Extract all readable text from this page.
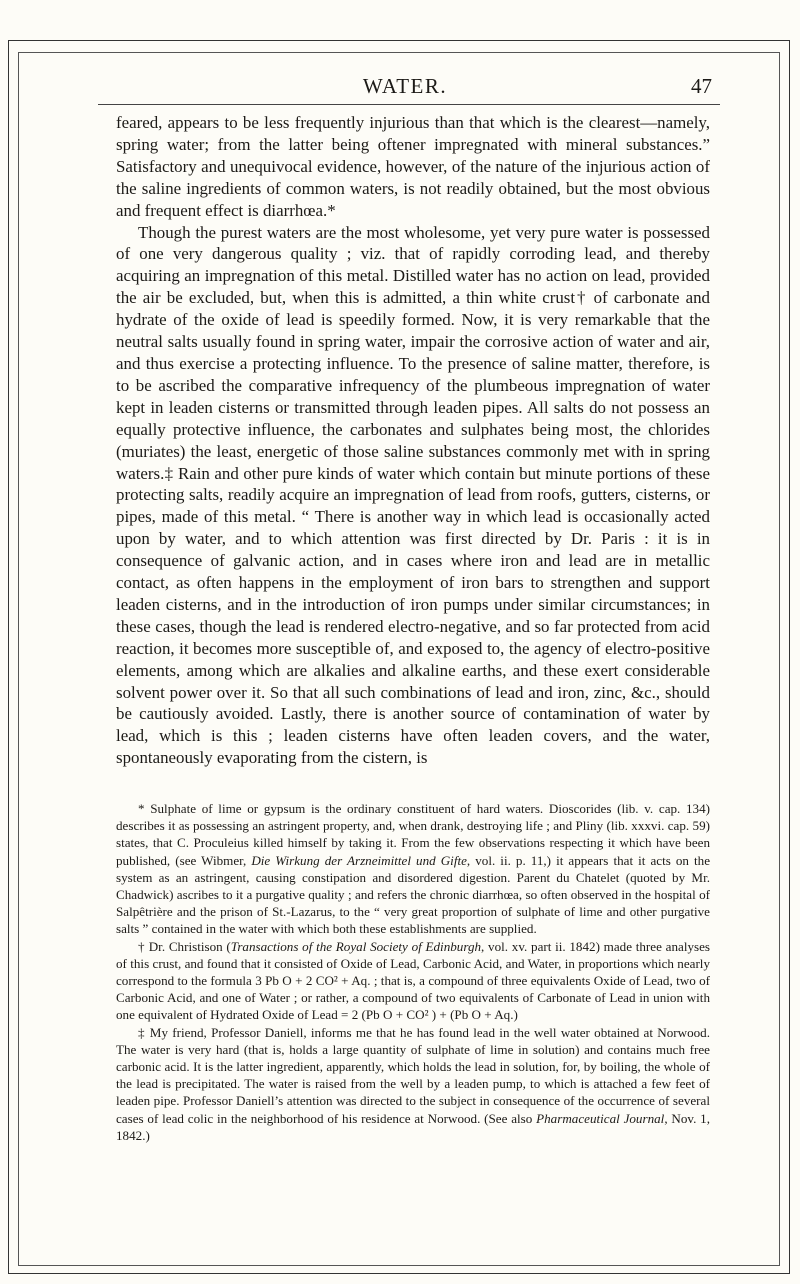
WATER.	47

feared, appears to be less frequently injurious than that which is the clearest—namely, spring water; from the latter being oftener impregnated with mineral substances.” Satisfactory and unequivocal evidence, however, of the nature of the injurious action of the saline ingredients of common waters, is not readily obtained, but the most obvious and frequent effect is diarrhœa.*

Though the purest waters are the most wholesome, yet very pure water is possessed of one very dangerous quality ; viz. that of rapidly corroding lead, and thereby acquiring an impregnation of this metal. Distilled water has no action on lead, provided the air be excluded, but, when this is admitted, a thin white crust† of carbonate and hydrate of the oxide of lead is speedily formed. Now, it is very remarkable that the neutral salts usually found in spring water, impair the corrosive action of water and air, and thus exercise a protecting influence. To the presence of saline matter, therefore, is to be ascribed the comparative infrequency of the plumbeous impregnation of water kept in leaden cisterns or transmitted through leaden pipes. All salts do not possess an equally protective influence, the carbonates and sulphates being most, the chlorides (muriates) the least, energetic of those saline substances commonly met with in spring waters.‡ Rain and other pure kinds of water which contain but minute portions of these protecting salts, readily acquire an impregnation of lead from roofs, gutters, cisterns, or pipes, made of this metal. “ There is another way in which lead is occasionally acted upon by water, and to which attention was first directed by Dr. Paris : it is in consequence of galvanic action, and in cases where iron and lead are in metallic contact, as often happens in the employment of iron bars to strengthen and support leaden cisterns, and in the introduction of iron pumps under similar circumstances; in these cases, though the lead is rendered electro-negative, and so far protected from acid reaction, it becomes more susceptible of, and exposed to, the agency of electro-positive elements, among which are alkalies and alkaline earths, and these exert considerable solvent power over it. So that all such combinations of lead and iron, zinc, &c., should be cautiously avoided. Lastly, there is another source of contamination of water by lead, which is this ; leaden cisterns have often leaden covers, and the water, spontaneously evaporating from the cistern, is

* Sulphate of lime or gypsum is the ordinary constituent of hard waters. Dioscorides (lib. v. cap. 134) describes it as possessing an astringent property, and, when drank, destroying life ; and Pliny (lib. xxxvi. cap. 59) states, that C. Proculeius killed himself by taking it. From the few observations respecting it which have been published, (see Wibmer, Die Wirkung der Arzneimittel und Gifte, vol. ii. p. 11,) it appears that it acts on the system as an astringent, causing constipation and disordered digestion. Parent du Chatelet (quoted by Mr. Chadwick) ascribes to it a purgative quality ; and refers the chronic diarrhœa, so often observed in the hospital of Salpêtrière and the prison of St.-Lazarus, to the “ very great proportion of sulphate of lime and other purgative salts ” contained in the water with which both these establishments are supplied.

† Dr. Christison (Transactions of the Royal Society of Edinburgh, vol. xv. part ii. 1842) made three analyses of this crust, and found that it consisted of Oxide of Lead, Carbonic Acid, and Water, in proportions which nearly correspond to the formula 3 Pb O + 2 CO² + Aq. ; that is, a compound of three equivalents Oxide of Lead, two of Carbonic Acid, and one of Water ; or rather, a compound of two equivalents of Carbonate of Lead in union with one equivalent of Hydrated Oxide of Lead = 2 (Pb O + CO² ) + (Pb O + Aq.)

‡ My friend, Professor Daniell, informs me that he has found lead in the well water obtained at Norwood. The water is very hard (that is, holds a large quantity of sulphate of lime in solution) and contains much free carbonic acid. It is the latter ingredient, apparently, which holds the lead in solution, for, by boiling, the whole of the lead is precipitated. The water is raised from the well by a leaden pump, to which is attached a few feet of leaden pipe. Professor Daniell’s attention was directed to the subject in consequence of the occurrence of several cases of lead colic in the neighborhood of his residence at Norwood. (See also Pharmaceutical Journal, Nov. 1, 1842.)
